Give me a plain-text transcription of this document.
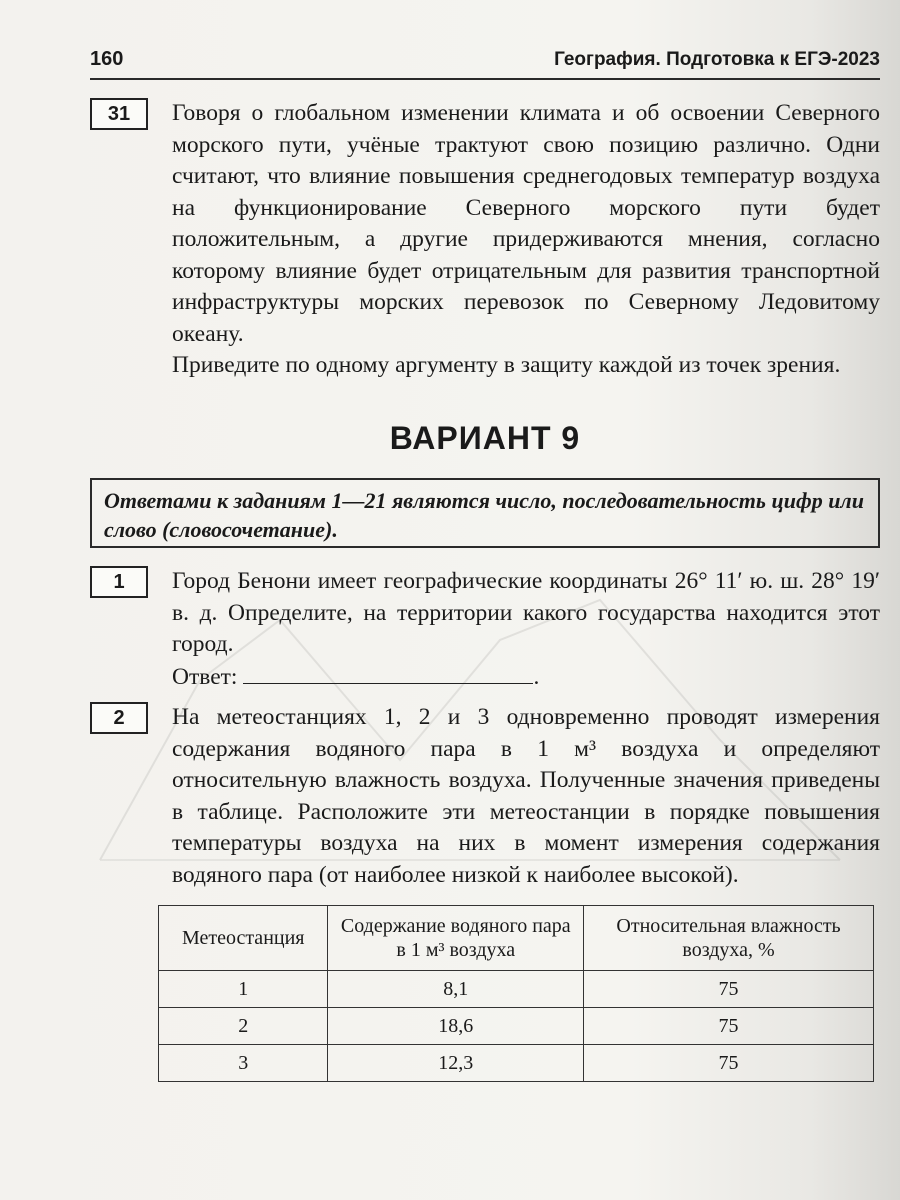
160	География. Подготовка к ЕГЭ-2023
31	Говоря о глобальном изменении климата и об освоении Северного морского пути, учёные трактуют свою позицию различно. Одни считают, что влияние повышения среднегодовых температур воздуха на функционирование Северного морского пути будет положительным, а другие придерживаются мнения, согласно которому влияние будет отрицательным для развития транспортной инфраструктуры морских перевозок по Северному Ледовитому океану.
Приведите по одному аргументу в защиту каждой из точек зрения.
ВАРИАНТ 9
Ответами к заданиям 1—21 являются число, последовательность цифр или слово (словосочетание).
1	Город Бенони имеет географические координаты 26° 11′ ю. ш. 28° 19′ в. д. Определите, на территории какого государства находится этот город.
Ответ:	.
2	На метеостанциях 1, 2 и 3 одновременно проводят измерения содержания водяного пара в 1 м³ воздуха и определяют относительную влажность воздуха. Полученные значения приведены в таблице. Расположите эти метеостанции в порядке повышения температуры воздуха на них в момент измерения содержания водяного пара (от наиболее низкой к наиболее высокой).
Метеостанция	Содержание водяного пара в 1 м³ воздуха	Относительная влажность воздуха, %
1	8,1	75
2	18,6	75
3	12,3	75
